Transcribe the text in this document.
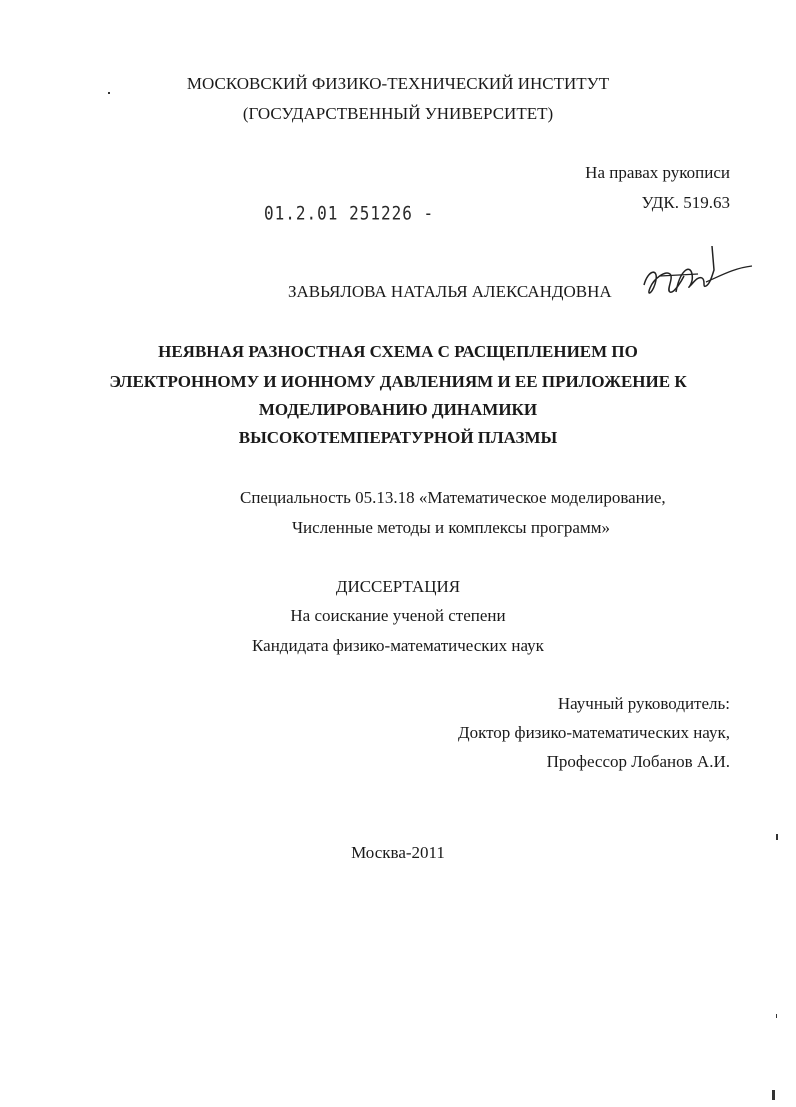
МОСКОВСКИЙ ФИЗИКО-ТЕХНИЧЕСКИЙ ИНСТИТУТ
(ГОСУДАРСТВЕННЫЙ УНИВЕРСИТЕТ)
На правах рукописи
УДК. 519.63
01.2.01 251226 -
ЗАВЬЯЛОВА НАТАЛЬЯ АЛЕКСАНДОВНА
НЕЯВНАЯ РАЗНОСТНАЯ СХЕМА С РАСЩЕПЛЕНИЕМ ПО
ЭЛЕКТРОННОМУ И ИОННОМУ ДАВЛЕНИЯМ И ЕЕ ПРИЛОЖЕНИЕ К
МОДЕЛИРОВАНИЮ ДИНАМИКИ
ВЫСОКОТЕМПЕРАТУРНОЙ ПЛАЗМЫ
Специальность 05.13.18 «Математическое моделирование,
Численные методы и комплексы программ»
ДИССЕРТАЦИЯ
На соискание ученой степени
Кандидата физико-математических наук
Научный руководитель:
Доктор физико-математических наук,
Профессор Лобанов А.И.
Москва-2011
